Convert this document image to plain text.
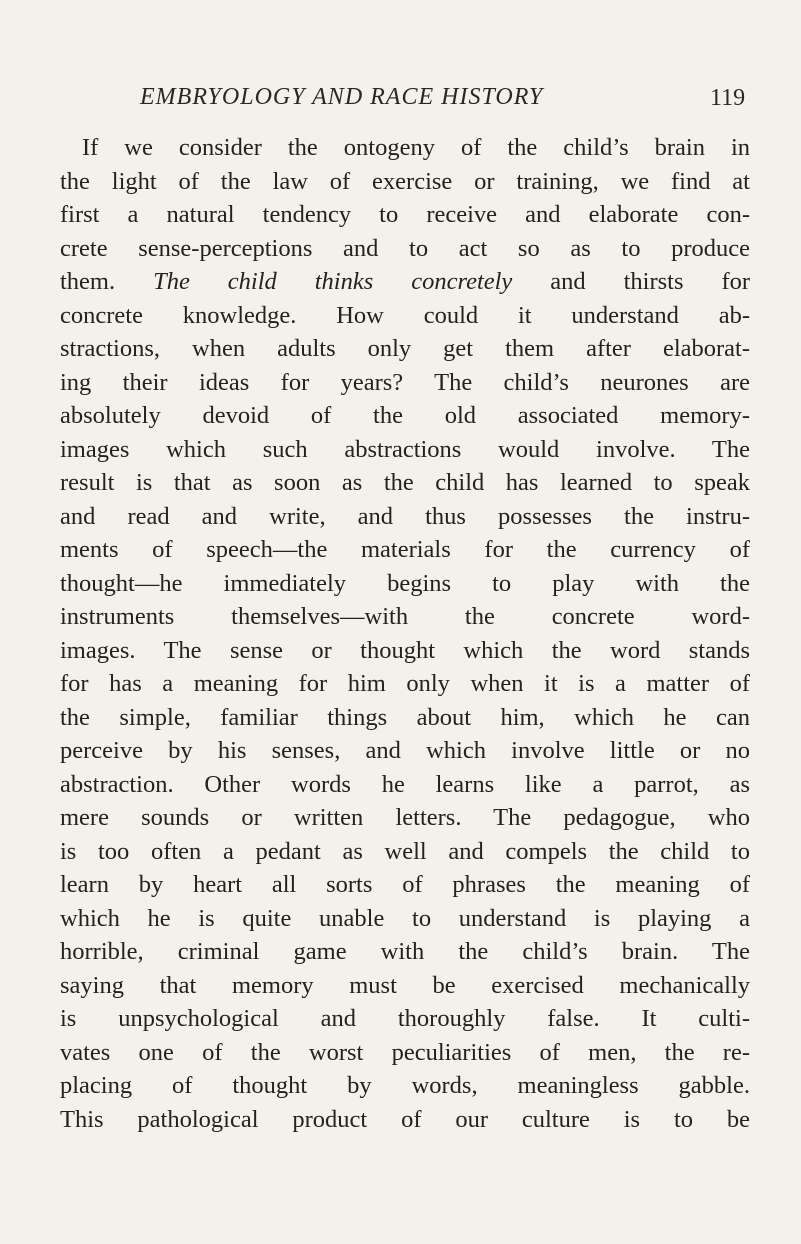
EMBRYOLOGY AND RACE HISTORY	119
If we consider the ontogeny of the child’s brain in
the light of the law of exercise or training, we find at
first a natural tendency to receive and elaborate con-
crete sense-perceptions and to act so as to produce
them. The child thinks concretely and thirsts for
concrete knowledge. How could it understand ab-
stractions, when adults only get them after elaborat-
ing their ideas for years? The child’s neurones are
absolutely devoid of the old associated memory-
images which such abstractions would involve. The
result is that as soon as the child has learned to speak
and read and write, and thus possesses the instru-
ments of speech—the materials for the currency of
thought—he immediately begins to play with the
instruments themselves—with the concrete word-
images. The sense or thought which the word stands
for has a meaning for him only when it is a matter of
the simple, familiar things about him, which he can
perceive by his senses, and which involve little or no
abstraction. Other words he learns like a parrot, as
mere sounds or written letters. The pedagogue, who
is too often a pedant as well and compels the child to
learn by heart all sorts of phrases the meaning of
which he is quite unable to understand is playing a
horrible, criminal game with the child’s brain. The
saying that memory must be exercised mechanically
is unpsychological and thoroughly false. It culti-
vates one of the worst peculiarities of men, the re-
placing of thought by words, meaningless gabble.
This pathological product of our culture is to be
